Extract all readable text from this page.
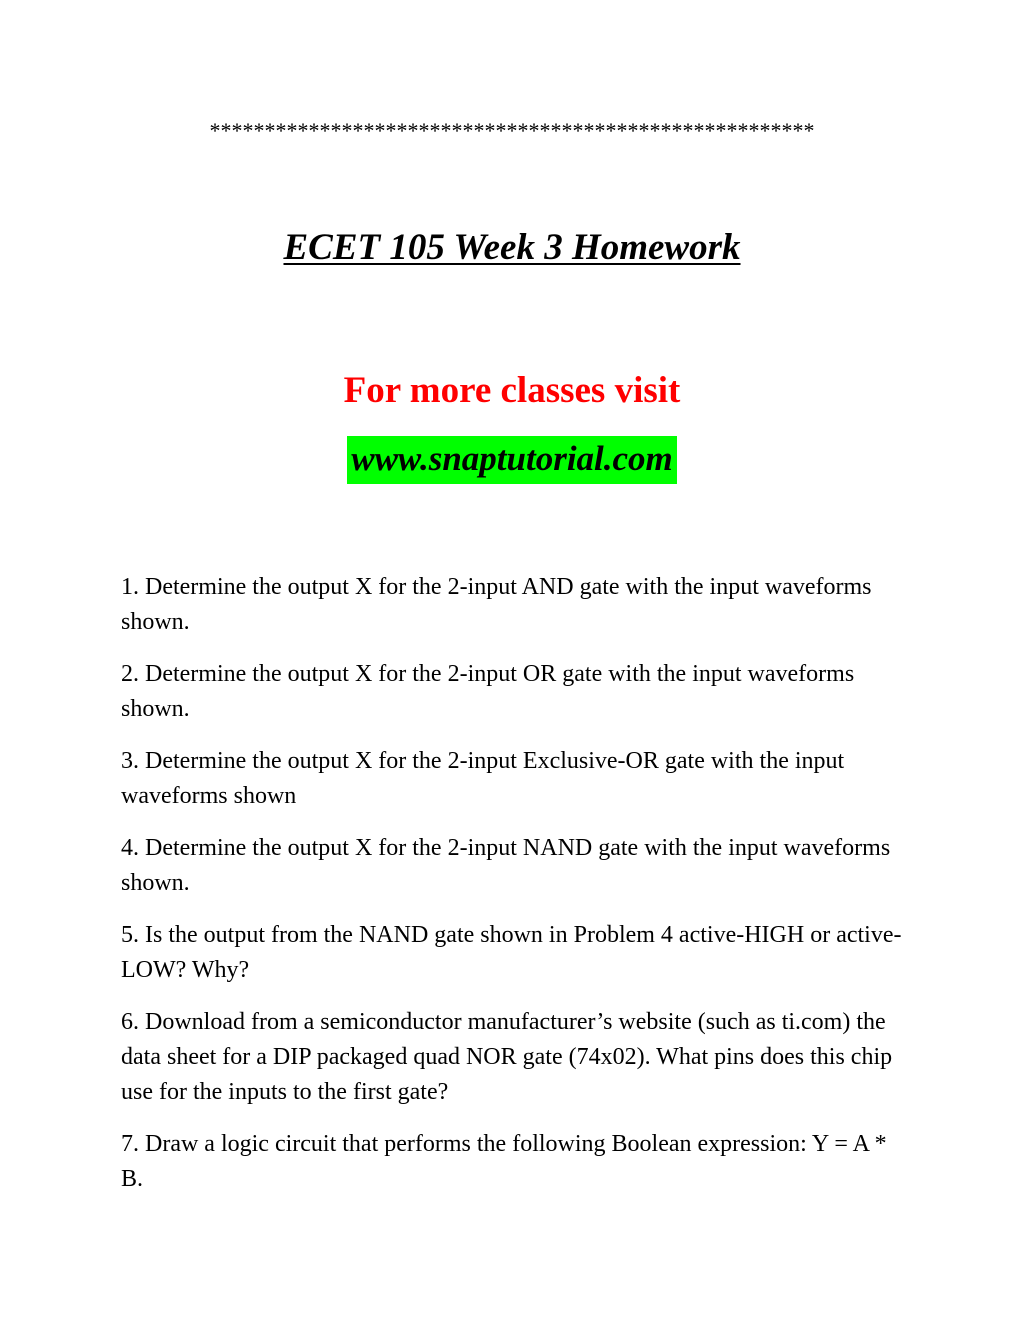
*******************************************************
ECET 105 Week 3 Homework
For more classes visit
www.snaptutorial.com
1. Determine the output X for the 2-input AND gate with the input waveforms shown.
2. Determine the output X for the 2-input OR gate with the input waveforms shown.
3. Determine the output X for the 2-input Exclusive-OR gate with the input waveforms shown
4. Determine the output X for the 2-input NAND gate with the input waveforms shown.
5. Is the output from the NAND gate shown in Problem 4 active-HIGH or active-LOW? Why?
6. Download from a semiconductor manufacturer’s website (such as ti.com) the data sheet for a DIP packaged quad NOR gate (74x02). What pins does this chip use for the inputs to the first gate?
7. Draw a logic circuit that performs the following Boolean expression: Y = A * B.
